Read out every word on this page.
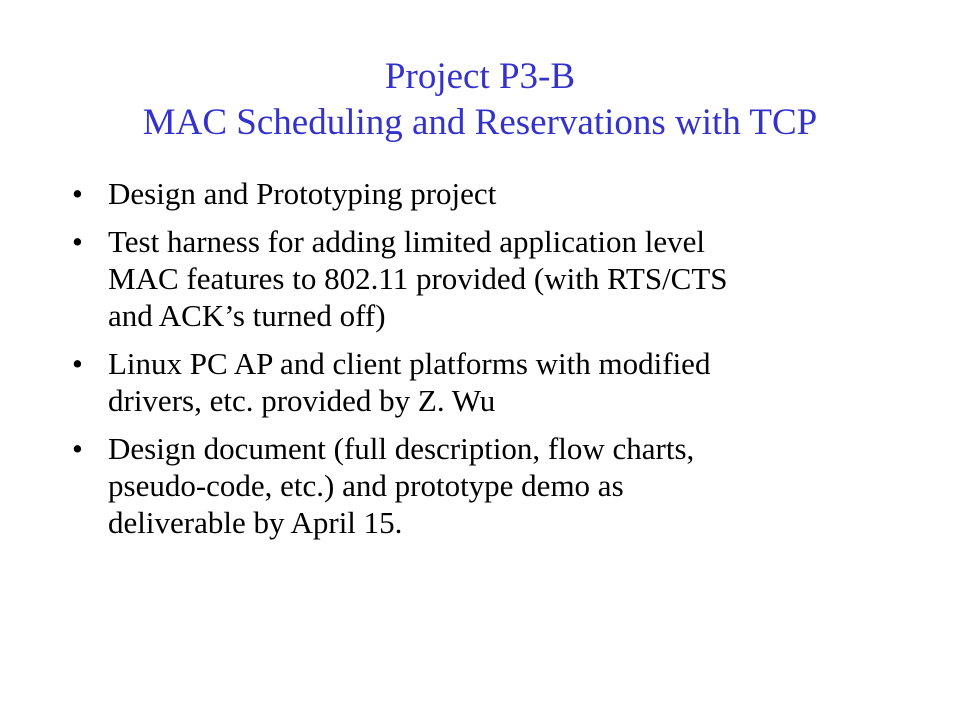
Project P3-B
MAC Scheduling and Reservations with TCP
• Design and Prototyping project
• Test harness for adding limited application level
MAC features to 802.11 provided (with RTS/CTS
and ACK’s turned off)
• Linux PC AP and client platforms with modified
drivers, etc. provided by Z. Wu
• Design document (full description, flow charts,
pseudo-code, etc.) and prototype demo as
deliverable by April 15.
